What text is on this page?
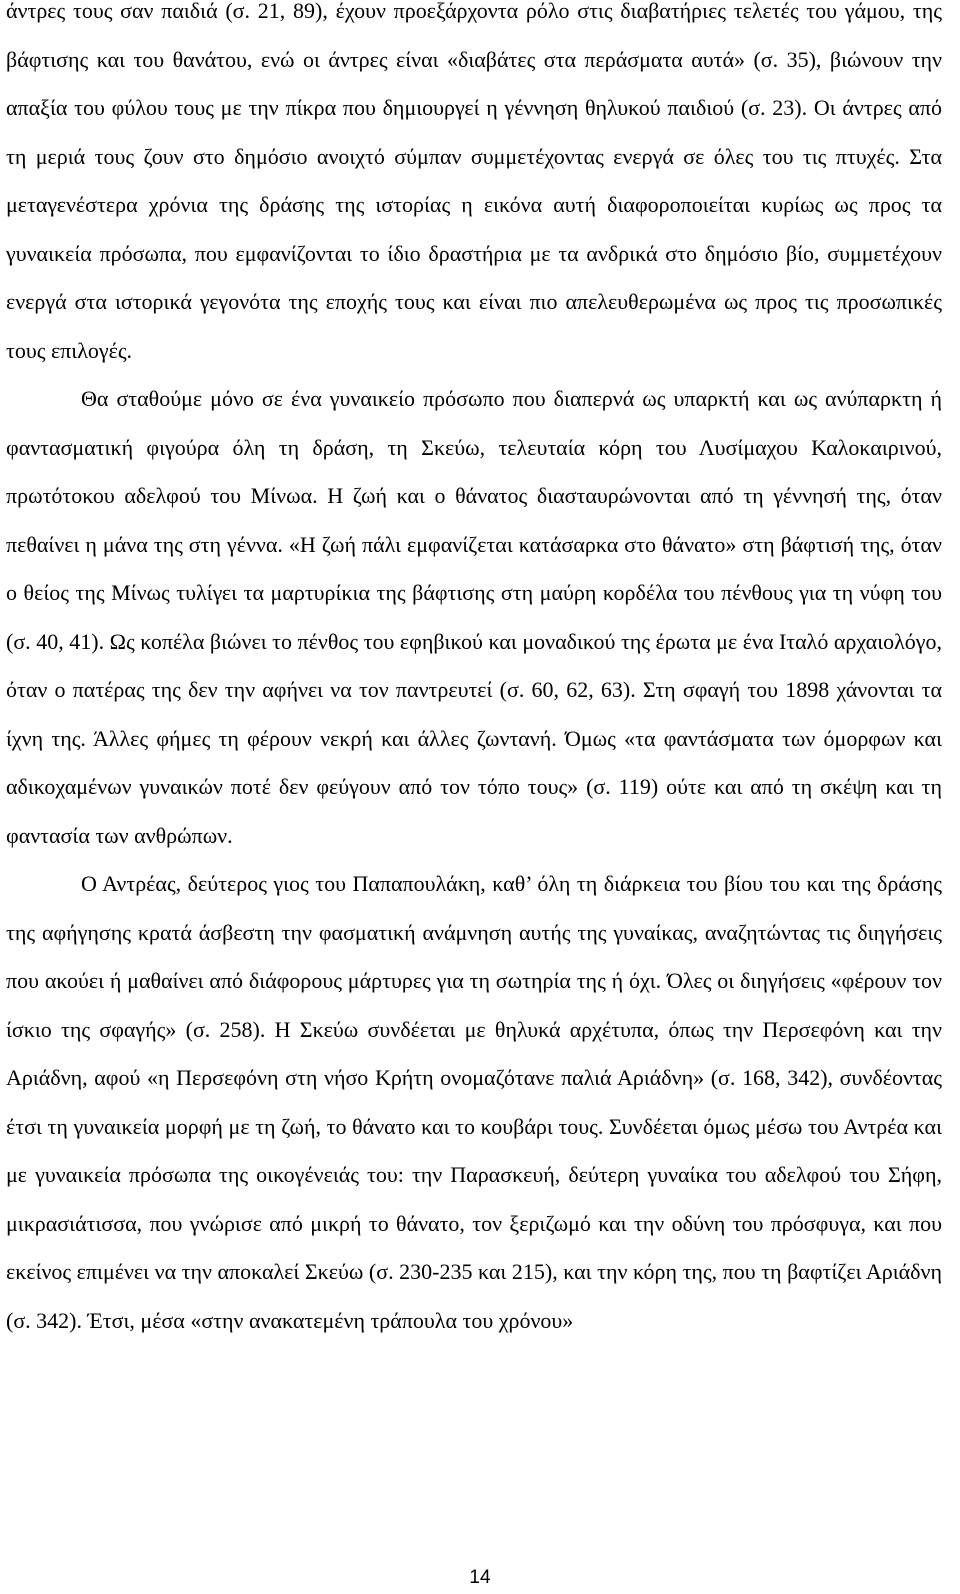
άντρες τους σαν παιδιά (σ. 21, 89), έχουν προεξάρχοντα ρόλο στις διαβατήριες τελετές του γάμου, της βάφτισης και του θανάτου, ενώ οι άντρες είναι «διαβάτες στα περάσματα αυτά» (σ. 35), βιώνουν την απαξία του φύλου τους με την πίκρα που δημιουργεί η γέννηση θηλυκού παιδιού (σ. 23). Οι άντρες από τη μεριά τους ζουν στο δημόσιο ανοιχτό σύμπαν συμμετέχοντας ενεργά σε όλες του τις πτυχές. Στα μεταγενέστερα χρόνια της δράσης της ιστορίας η εικόνα αυτή διαφοροποιείται κυρίως ως προς τα γυναικεία πρόσωπα, που εμφανίζονται το ίδιο δραστήρια με τα ανδρικά στο δημόσιο βίο, συμμετέχουν ενεργά στα ιστορικά γεγονότα της εποχής τους και είναι πιο απελευθερωμένα ως προς τις προσωπικές τους επιλογές.

Θα σταθούμε μόνο σε ένα γυναικείο πρόσωπο που διαπερνά ως υπαρκτή και ως ανύπαρκτη ή φαντασματική φιγούρα όλη τη δράση, τη Σκεύω, τελευταία κόρη του Λυσίμαχου Καλοκαιρινού, πρωτότοκου αδελφού του Μίνωα. Η ζωή και ο θάνατος διασταυρώνονται από τη γέννησή της, όταν πεθαίνει η μάνα της στη γέννα. «Η ζωή πάλι εμφανίζεται κατάσαρκα στο θάνατο» στη βάφτισή της, όταν ο θείος της Μίνως τυλίγει τα μαρτυρίκια της βάφτισης στη μαύρη κορδέλα του πένθους για τη νύφη του (σ. 40, 41). Ως κοπέλα βιώνει το πένθος του εφηβικού και μοναδικού της έρωτα με ένα Ιταλό αρχαιολόγο, όταν ο πατέρας της δεν την αφήνει να τον παντρευτεί (σ. 60, 62, 63). Στη σφαγή του 1898 χάνονται τα ίχνη της. Άλλες φήμες τη φέρουν νεκρή και άλλες ζωντανή. Όμως «τα φαντάσματα των όμορφων και αδικοχαμένων γυναικών ποτέ δεν φεύγουν από τον τόπο τους» (σ. 119) ούτε και από τη σκέψη και τη φαντασία των ανθρώπων.

Ο Αντρέας, δεύτερος γιος του Παπαπουλάκη, καθ’ όλη τη διάρκεια του βίου του και της δράσης της αφήγησης κρατά άσβεστη την φασματική ανάμνηση αυτής της γυναίκας, αναζητώντας τις διηγήσεις που ακούει ή μαθαίνει από διάφορους μάρτυρες για τη σωτηρία της ή όχι. Όλες οι διηγήσεις «φέρουν τον ίσκιο της σφαγής» (σ. 258). Η Σκεύω συνδέεται με θηλυκά αρχέτυπα, όπως την Περσεφόνη και την Αριάδνη, αφού «η Περσεφόνη στη νήσο Κρήτη ονομαζότανε παλιά Αριάδνη» (σ. 168, 342), συνδέοντας έτσι τη γυναικεία μορφή με τη ζωή, το θάνατο και το κουβάρι τους. Συνδέεται όμως μέσω του Αντρέα και με γυναικεία πρόσωπα της οικογένειάς του: την Παρασκευή, δεύτερη γυναίκα του αδελφού του Σήφη, μικρασιάτισσα, που γνώρισε από μικρή το θάνατο, τον ξεριζωμό και την οδύνη του πρόσφυγα, και που εκείνος επιμένει να την αποκαλεί Σκεύω (σ. 230-235 και 215), και την κόρη της, που τη βαφτίζει Αριάδνη (σ. 342). Έτσι, μέσα «στην ανακατεμένη τράπουλα του χρόνου»

14
